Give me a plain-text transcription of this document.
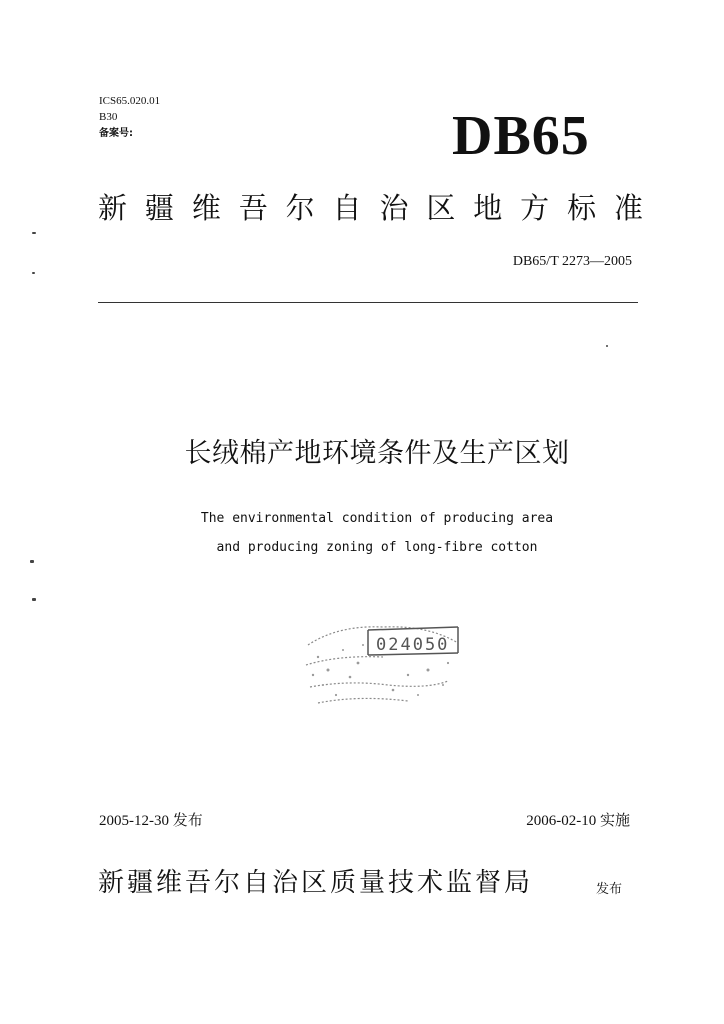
ICS65.020.01
B30
备案号:	DB65
新 疆 维 吾 尔 自 治 区 地 方 标 准
DB65/T 2273—2005
长绒棉产地环境条件及生产区划
The environmental condition of producing area
and producing zoning of long-fibre cotton
024050
2005-12-30 发布	2006-02-10 实施
新疆维吾尔自治区质量技术监督局	发布
